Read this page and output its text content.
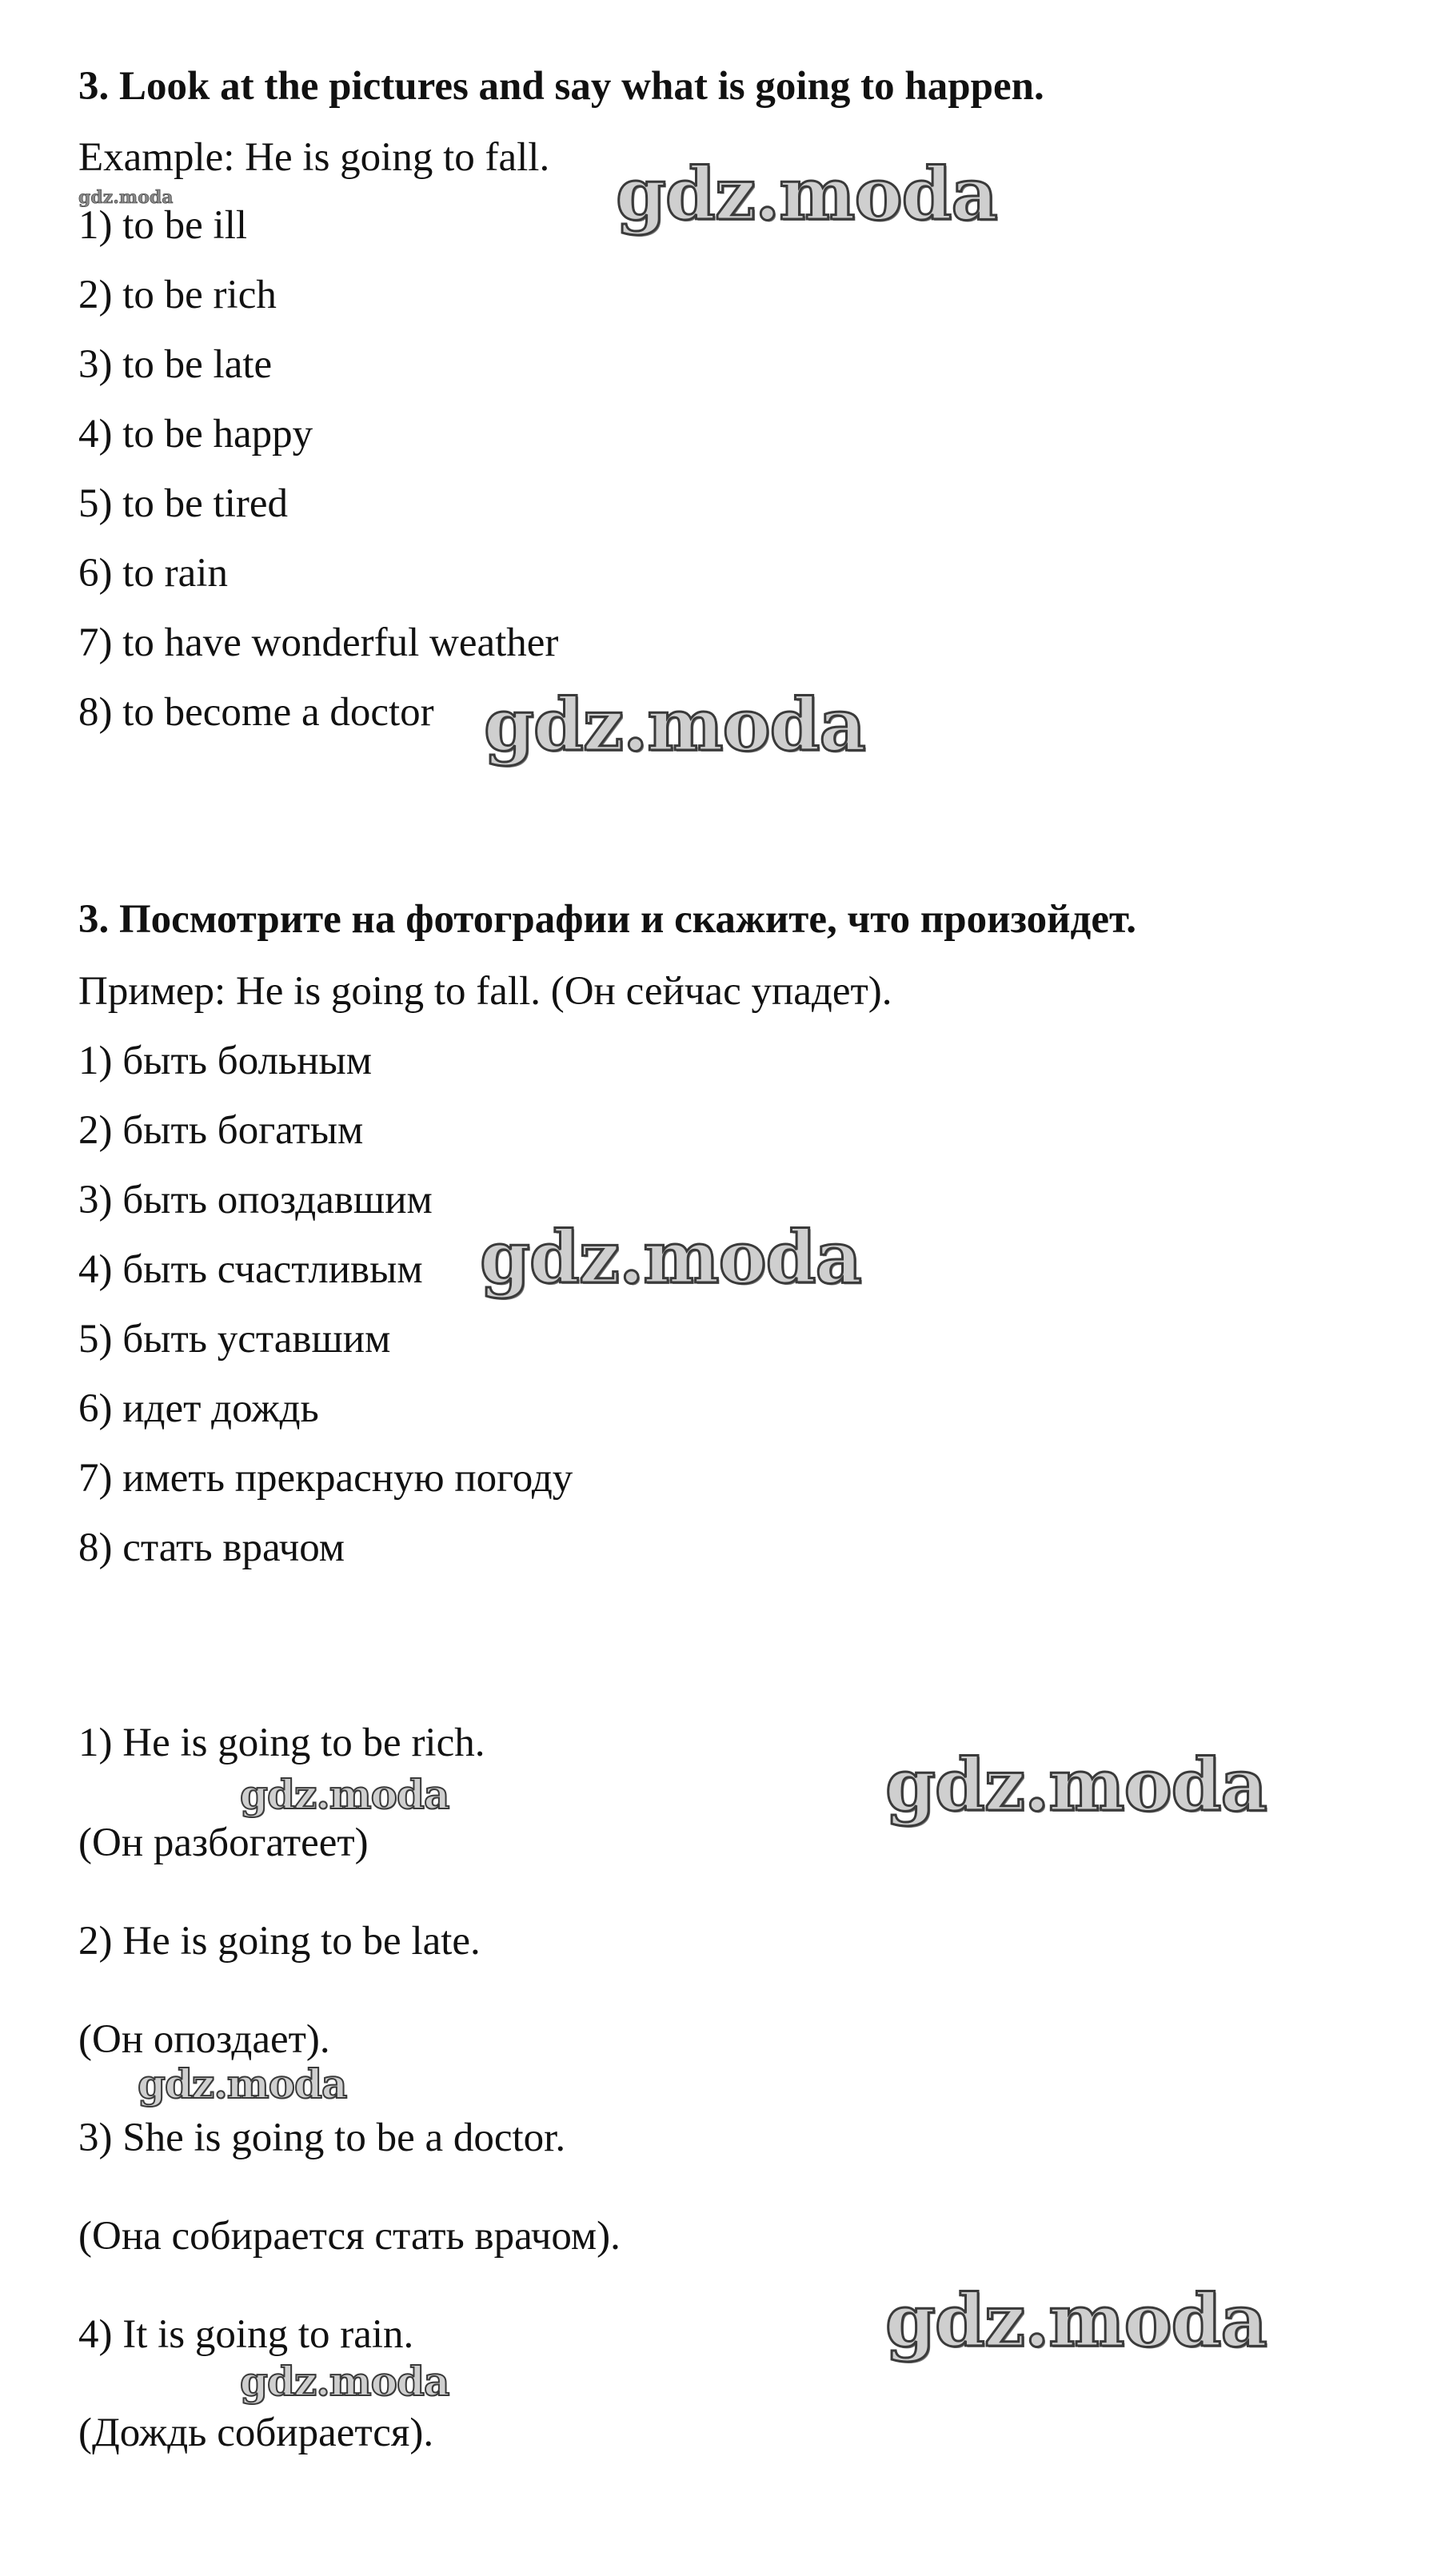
3. Look at the pictures and say what is going to happen.
Example: He is going to fall.
1) to be ill
2) to be rich
3) to be late
4) to be happy
5) to be tired
6) to rain
7) to have wonderful weather
8) to become a doctor
3. Посмотрите на фотографии и скажите, что произойдет.
Пример: He is going to fall. (Он сейчас упадет).
1) быть больным
2) быть богатым
3) быть опоздавшим
4) быть счастливым
5) быть уставшим
6) идет дождь
7) иметь прекрасную погоду
8) стать врачом
1) He is going to be rich.
(Он разбогатеет)
2) He is going to be late.
(Он опоздает).
3) She is going to be a doctor.
(Она собирается стать врачом).
4) It is going to rain.
(Дождь собирается).
gdz.moda	gdz.moda
gdz.moda
gdz.moda
gdz.moda	gdz.moda
gdz.moda
gdz.moda
gdz.moda
